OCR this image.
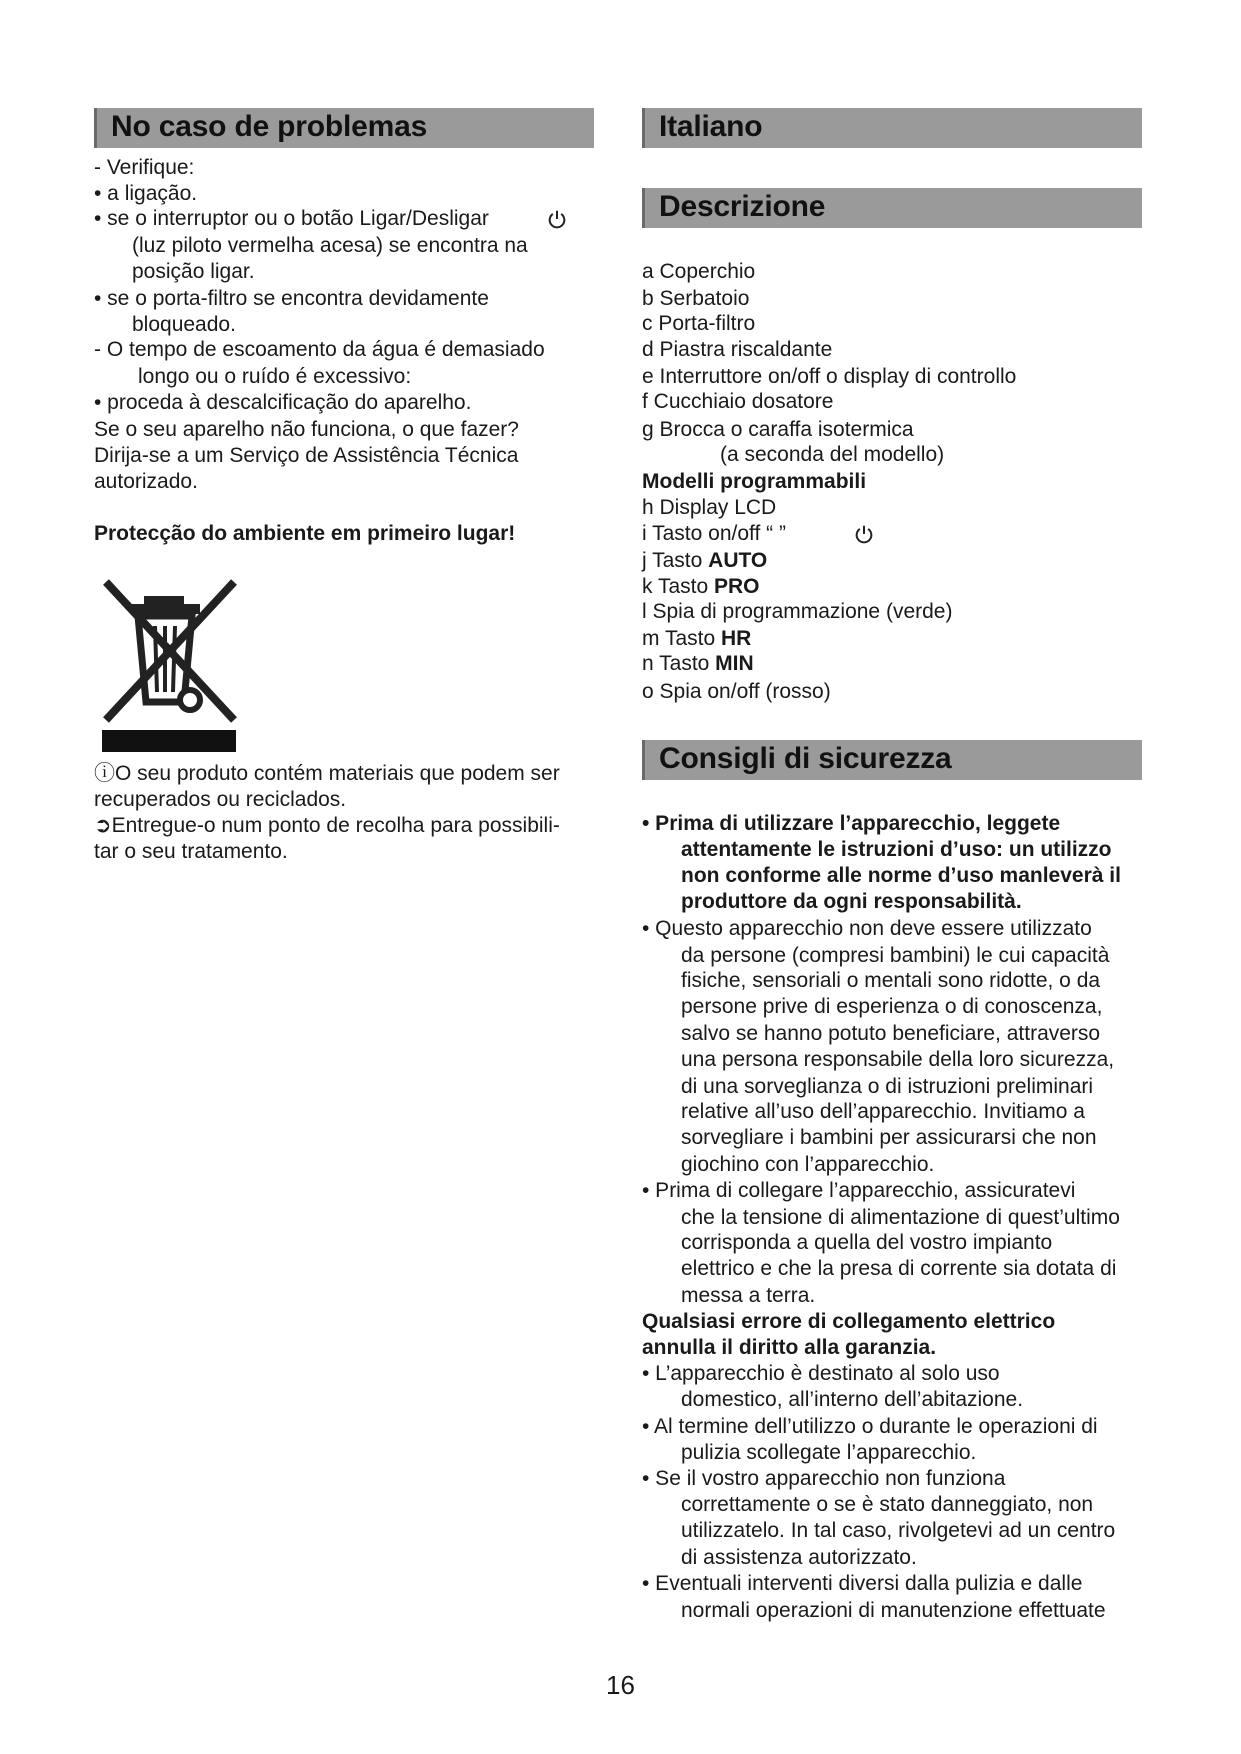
No caso de problemas
- Verifique:
• a ligação.
• se o interruptor ou o botão Ligar/Desligar
(luz piloto vermelha acesa) se encontra na
posição ligar.
• se o porta-filtro se encontra devidamente
bloqueado.
- O tempo de escoamento da água é demasiado
longo ou o ruído é excessivo:
• proceda à descalcificação do aparelho.
Se o seu aparelho não funciona, o que fazer?
Dirija-se a um Serviço de Assistência Técnica
autorizado.
Protecção do ambiente em primeiro lugar!
ⓘO seu produto contém materiais que podem ser
recuperados ou reciclados.
➲Entregue-o num ponto de recolha para possibili-
tar o seu tratamento.
Italiano
Descrizione
a Coperchio
b Serbatoio
c Porta-filtro
d Piastra riscaldante
e Interruttore on/off o display di controllo
f Cucchiaio dosatore
g Brocca o caraffa isotermica
(a seconda del modello)
Modelli programmabili
h Display LCD
i Tasto on/off “ ”
j Tasto AUTO
k Tasto PRO
l Spia di programmazione (verde)
m Tasto HR
n Tasto MIN
o Spia on/off (rosso)
Consigli di sicurezza
• Prima di utilizzare l’apparecchio, leggete
attentamente le istruzioni d’uso: un utilizzo
non conforme alle norme d’uso manleverà il
produttore da ogni responsabilità.
• Questo apparecchio non deve essere utilizzato
da persone (compresi bambini) le cui capacità
fisiche, sensoriali o mentali sono ridotte, o da
persone prive di esperienza o di conoscenza,
salvo se hanno potuto beneficiare, attraverso
una persona responsabile della loro sicurezza,
di una sorveglianza o di istruzioni preliminari
relative all’uso dell’apparecchio. Invitiamo a
sorvegliare i bambini per assicurarsi che non
giochino con l’apparecchio.
• Prima di collegare l’apparecchio, assicuratevi
che la tensione di alimentazione di quest’ultimo
corrisponda a quella del vostro impianto
elettrico e che la presa di corrente sia dotata di
messa a terra.
Qualsiasi errore di collegamento elettrico
annulla il diritto alla garanzia.
• L’apparecchio è destinato al solo uso
domestico, all’interno dell’abitazione.
• Al termine dell’utilizzo o durante le operazioni di
pulizia scollegate l’apparecchio.
• Se il vostro apparecchio non funziona
correttamente o se è stato danneggiato, non
utilizzatelo. In tal caso, rivolgetevi ad un centro
di assistenza autorizzato.
• Eventuali interventi diversi dalla pulizia e dalle
normali operazioni di manutenzione effettuate
16
